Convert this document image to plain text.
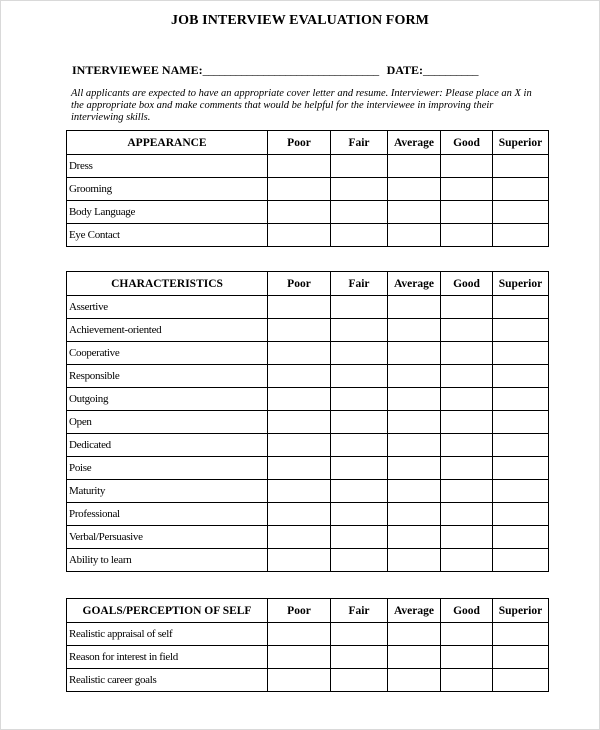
JOB INTERVIEW EVALUATION FORM
INTERVIEWEE NAME:________________________________ DATE:__________
All applicants are expected to have an appropriate cover letter and resume. Interviewer: Please place an X in the appropriate box and make comments that would be helpful for the interviewee in improving their interviewing skills.
APPEARANCE	Poor	Fair	Average	Good	Superior
Dress					
Grooming					
Body Language					
Eye Contact					
CHARACTERISTICS	Poor	Fair	Average	Good	Superior
Assertive					
Achievement-oriented					
Cooperative					
Responsible					
Outgoing					
Open					
Dedicated					
Poise					
Maturity					
Professional					
Verbal/Persuasive					
Ability to learn					
GOALS/PERCEPTION OF SELF	Poor	Fair	Average	Good	Superior
Realistic appraisal of self					
Reason for interest in field					
Realistic career goals					
